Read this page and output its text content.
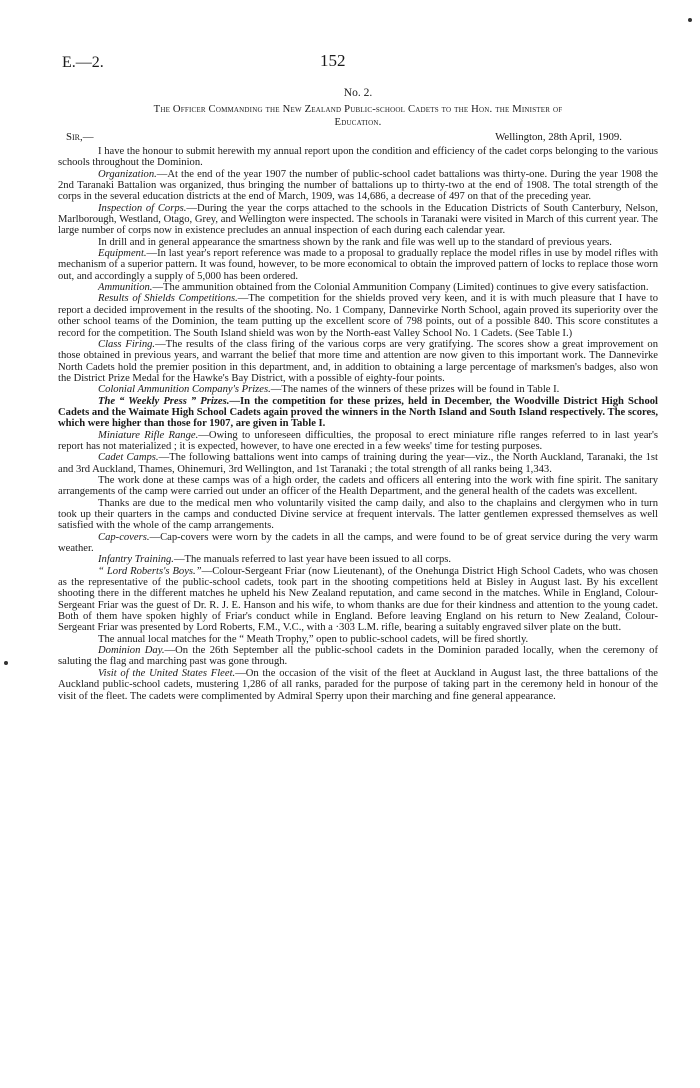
E.—2.	152
No. 2.
The Officer Commanding the New Zealand Public-school Cadets to the Hon. the Minister of
Education.
Sir,—	Wellington, 28th April, 1909.

I have the honour to submit herewith my annual report upon the condition and efficiency of the cadet corps belonging to the various schools throughout the Dominion.

Organization.—At the end of the year 1907 the number of public-school cadet battalions was thirty-one. During the year 1908 the 2nd Taranaki Battalion was organized, thus bringing the number of battalions up to thirty-two at the end of 1908. The total strength of the corps in the several education districts at the end of March, 1909, was 14,686, a decrease of 497 on that of the preceding year.

Inspection of Corps.—During the year the corps attached to the schools in the Education Districts of South Canterbury, Nelson, Marlborough, Westland, Otago, Grey, and Wellington were inspected. The schools in Taranaki were visited in March of this current year. The large number of corps now in existence precludes an annual inspection of each during each calendar year.

In drill and in general appearance the smartness shown by the rank and file was well up to the standard of previous years.

Equipment.—In last year's report reference was made to a proposal to gradually replace the model rifles in use by model rifles with mechanism of a superior pattern. It was found, however, to be more economical to obtain the improved pattern of locks to replace those worn out, and accordingly a supply of 5,000 has been ordered.

Ammunition.—The ammunition obtained from the Colonial Ammunition Company (Limited) continues to give every satisfaction.

Results of Shields Competitions.—The competition for the shields proved very keen, and it is with much pleasure that I have to report a decided improvement in the results of the shooting. No. 1 Company, Dannevirke North School, again proved its superiority over the other school teams of the Dominion, the team putting up the excellent score of 798 points, out of a possible 840. This score constitutes a record for the competition. The South Island shield was won by the North-east Valley School No. 1 Cadets. (See Table I.)

Class Firing.—The results of the class firing of the various corps are very gratifying. The scores show a great improvement on those obtained in previous years, and warrant the belief that more time and attention are now given to this important work. The Dannevirke North Cadets hold the premier position in this department, and, in addition to obtaining a large percentage of marksmen's badges, also won the District Prize Medal for the Hawke's Bay District, with a possible of eighty-four points.

Colonial Ammunition Company's Prizes.—The names of the winners of these prizes will be found in Table I.

The “ Weekly Press ” Prizes.—In the competition for these prizes, held in December, the Woodville District High School Cadets and the Waimate High School Cadets again proved the winners in the North Island and South Island respectively. The scores, which were higher than those for 1907, are given in Table I.

Miniature Rifle Range.—Owing to unforeseen difficulties, the proposal to erect miniature rifle ranges referred to in last year's report has not materialized ; it is expected, however, to have one erected in a few weeks' time for testing purposes.

Cadet Camps.—The following battalions went into camps of training during the year—viz., the North Auckland, Taranaki, the 1st and 3rd Auckland, Thames, Ohinemuri, 3rd Wellington, and 1st Taranaki ; the total strength of all ranks being 1,343.

The work done at these camps was of a high order, the cadets and officers all entering into the work with fine spirit. The sanitary arrangements of the camp were carried out under an officer of the Health Department, and the general health of the cadets was excellent.

Thanks are due to the medical men who voluntarily visited the camp daily, and also to the chaplains and clergymen who in turn took up their quarters in the camps and conducted Divine service at frequent intervals. The latter gentlemen expressed themselves as well satisfied with the whole of the camp arrangements.

Cap-covers.—Cap-covers were worn by the cadets in all the camps, and were found to be of great service during the very warm weather.

Infantry Training.—The manuals referred to last year have been issued to all corps.

“ Lord Roberts's Boys.”—Colour-Sergeant Friar (now Lieutenant), of the Onehunga District High School Cadets, who was chosen as the representative of the public-school cadets, took part in the shooting competitions held at Bisley in August last. By his excellent shooting there in the different matches he upheld his New Zealand reputation, and came second in the matches. While in England, Colour-Sergeant Friar was the guest of Dr. R. J. E. Hanson and his wife, to whom thanks are due for their kindness and attention to the young cadet. Both of them have spoken highly of Friar's conduct while in England. Before leaving England on his return to New Zealand, Colour-Sergeant Friar was presented by Lord Roberts, F.M., V.C., with a ·303 L.M. rifle, bearing a suitably engraved silver plate on the butt.

The annual local matches for the “ Meath Trophy,” open to public-school cadets, will be fired shortly.

Dominion Day.—On the 26th September all the public-school cadets in the Dominion paraded locally, when the ceremony of saluting the flag and marching past was gone through.

Visit of the United States Fleet.—On the occasion of the visit of the fleet at Auckland in August last, the three battalions of the Auckland public-school cadets, mustering 1,286 of all ranks, paraded for the purpose of taking part in the ceremony held in honour of the visit of the fleet. The cadets were complimented by Admiral Sperry upon their marching and fine general appearance.
